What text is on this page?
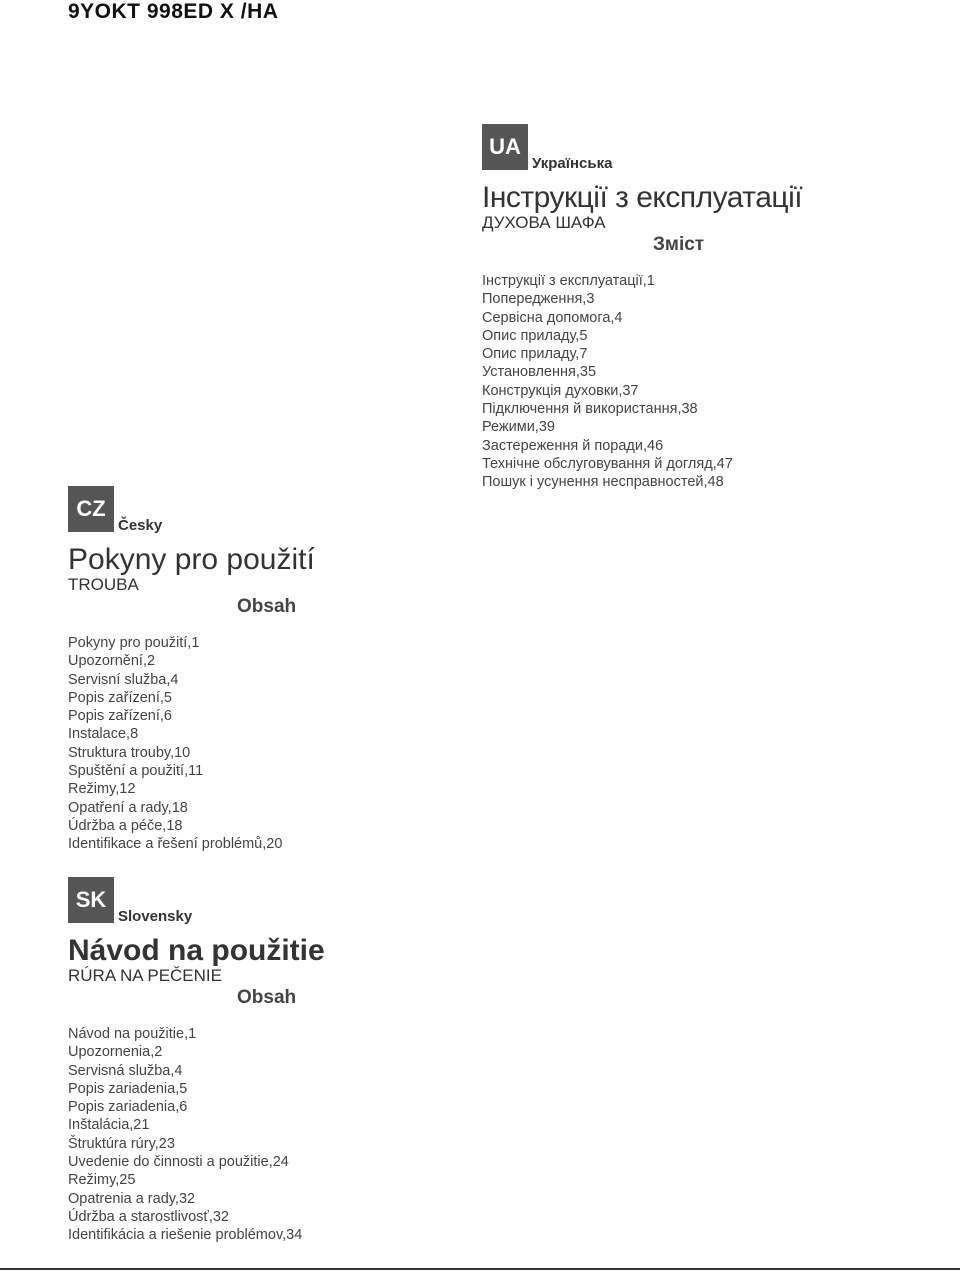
9YOKT 998ED X /HA
UA
Українська
Інструкції з експлуатації
ДУХОВА ШАФА
Зміст
Інструкції з експлуатації,1
Попередження,3
Сервісна допомога,4
Опис приладу,5
Опис приладу,7
Установлення,35
Конструкція духовки,37
Підключення й використання,38
Режими,39
Застереження й поради,46
Технічне обслуговування й догляд,47
Пошук і усунення несправностей,48
CZ
Česky
Pokyny pro použití
TROUBA
Obsah
Pokyny pro použití,1
Upozornění,2
Servisní služba,4
Popis zařízení,5
Popis zařízení,6
Instalace,8
Struktura trouby,10
Spuštění a použití,11
Režimy,12
Opatření a rady,18
Údržba a péče,18
Identifikace a řešení problémů,20
SK
Slovensky
Návod na použitie
RÚRA NA PEČENIE
Obsah
Návod na použitie,1
Upozornenia,2
Servisná služba,4
Popis zariadenia,5
Popis zariadenia,6
Inštalácia,21
Štruktúra rúry,23
Uvedenie do činnosti a použitie,24
Režimy,25
Opatrenia a rady,32
Údržba a starostlivosť,32
Identifikácia a riešenie problémov,34
